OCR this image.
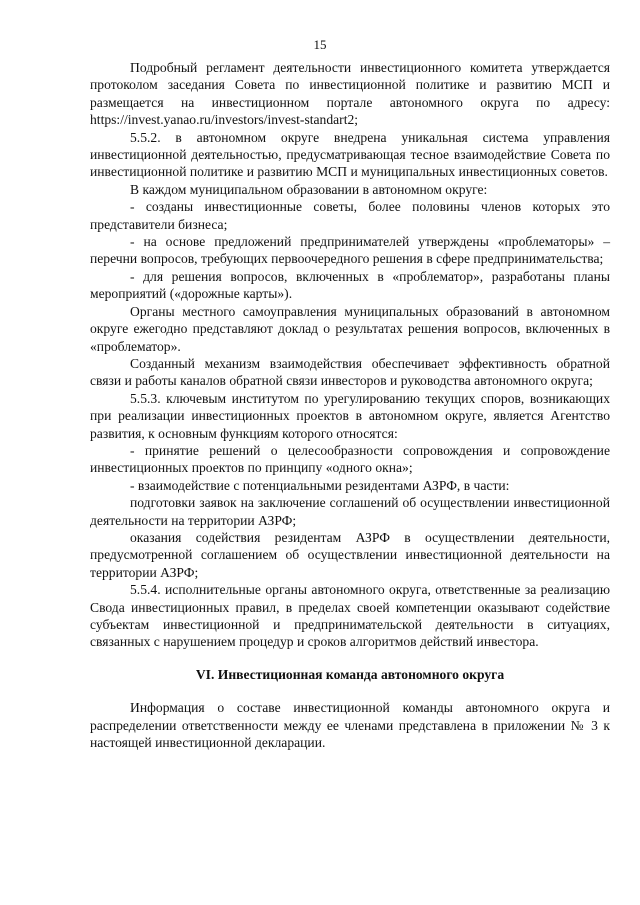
15

Подробный регламент деятельности инвестиционного комитета утверждается протоколом заседания Совета по инвестиционной политике и развитию МСП и размещается на инвестиционном портале автономного округа по адресу: https://invest.yanao.ru/investors/invest-standart2;

5.5.2. в автономном округе внедрена уникальная система управления инвестиционной деятельностью, предусматривающая тесное взаимодействие Совета по инвестиционной политике и развитию МСП и муниципальных инвестиционных советов.

В каждом муниципальном образовании в автономном округе:

- созданы инвестиционные советы, более половины членов которых это представители бизнеса;

- на основе предложений предпринимателей утверждены «проблематоры» – перечни вопросов, требующих первоочередного решения в сфере предпринимательства;

- для решения вопросов, включенных в «проблематор», разработаны планы мероприятий («дорожные карты»).

Органы местного самоуправления муниципальных образований в автономном округе ежегодно представляют доклад о результатах решения вопросов, включенных в «проблематор».

Созданный механизм взаимодействия обеспечивает эффективность обратной связи и работы каналов обратной связи инвесторов и руководства автономного округа;

5.5.3. ключевым институтом по урегулированию текущих споров, возникающих при реализации инвестиционных проектов в автономном округе, является Агентство развития, к основным функциям которого относятся:

- принятие решений о целесообразности сопровождения и сопровождение инвестиционных проектов по принципу «одного окна»;

- взаимодействие с потенциальными резидентами АЗРФ, в части:

подготовки заявок на заключение соглашений об осуществлении инвестиционной деятельности на территории АЗРФ;

оказания содействия резидентам АЗРФ в осуществлении деятельности, предусмотренной соглашением об осуществлении инвестиционной деятельности на территории АЗРФ;

5.5.4. исполнительные органы автономного округа, ответственные за реализацию Свода инвестиционных правил, в пределах своей компетенции оказывают содействие субъектам инвестиционной и предпринимательской деятельности в ситуациях, связанных с нарушением процедур и сроков алгоритмов действий инвестора.

VI. Инвестиционная команда автономного округа

Информация о составе инвестиционной команды автономного округа и распределении ответственности между ее членами представлена в приложении № 3 к настоящей инвестиционной декларации.
